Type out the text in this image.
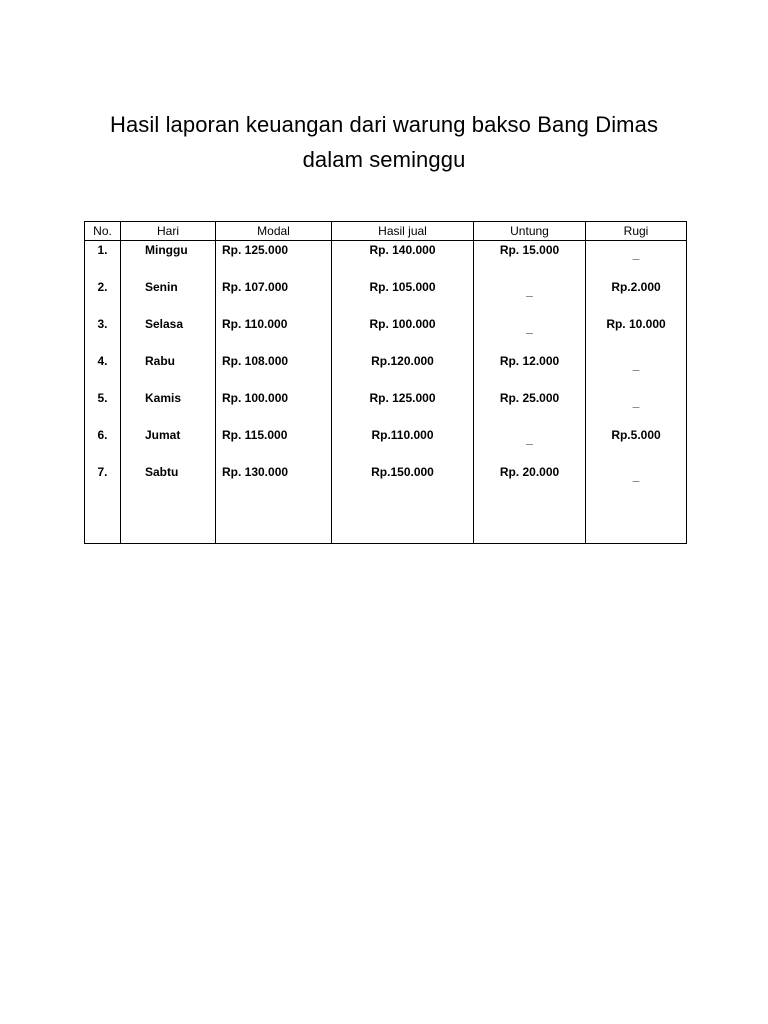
Hasil laporan keuangan dari warung bakso Bang Dimas
dalam seminggu
No.	Hari	Modal	Hasil jual	Untung	Rugi
1.	Minggu	Rp. 125.000	Rp. 140.000	Rp. 15.000	_
2.	Senin	Rp. 107.000	Rp. 105.000	_	Rp.2.000
3.	Selasa	Rp. 110.000	Rp. 100.000	_	Rp. 10.000
4.	Rabu	Rp. 108.000	Rp.120.000	Rp. 12.000	_
5.	Kamis	Rp. 100.000	Rp. 125.000	Rp. 25.000	_
6.	Jumat	Rp. 115.000	Rp.110.000	_	Rp.5.000
7.	Sabtu	Rp. 130.000	Rp.150.000	Rp. 20.000	_
